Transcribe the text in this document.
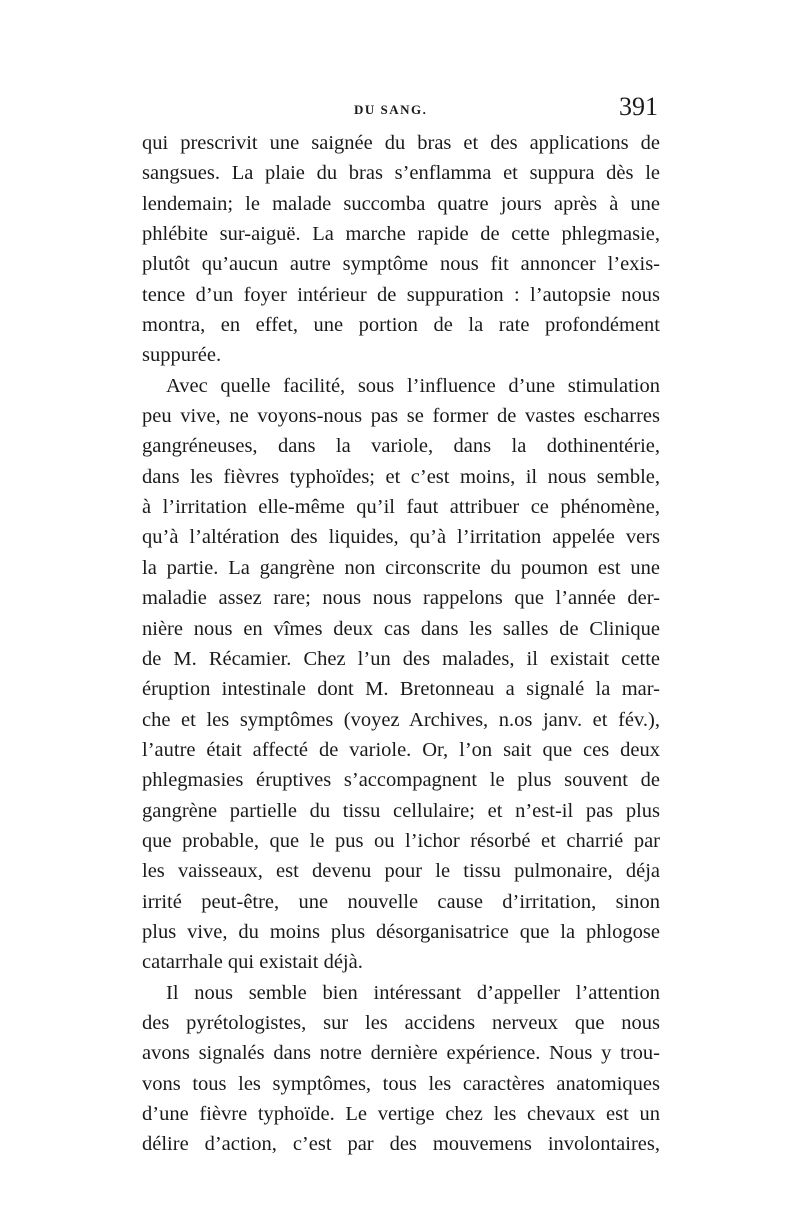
DU SANG.	391
qui prescrivit une saignée du bras et des applications de
sangsues. La plaie du bras s’enflamma et suppura dès le
lendemain; le malade succomba quatre jours après à une
phlébite sur-aiguë. La marche rapide de cette phlegmasie,
plutôt qu’aucun autre symptôme nous fit annoncer l’exis-
tence d’un foyer intérieur de suppuration : l’autopsie nous
montra, en effet, une portion de la rate profondément
suppurée.
Avec quelle facilité, sous l’influence d’une stimulation
peu vive, ne voyons-nous pas se former de vastes escharres
gangréneuses, dans la variole, dans la dothinentérie,
dans les fièvres typhoïdes; et c’est moins, il nous semble,
à l’irritation elle-même qu’il faut attribuer ce phénomène,
qu’à l’altération des liquides, qu’à l’irritation appelée vers
la partie. La gangrène non circonscrite du poumon est une
maladie assez rare; nous nous rappelons que l’année der-
nière nous en vîmes deux cas dans les salles de Clinique
de M. Récamier. Chez l’un des malades, il existait cette
éruption intestinale dont M. Bretonneau a signalé la mar-
che et les symptômes (voyez Archives, n.os janv. et fév.),
l’autre était affecté de variole. Or, l’on sait que ces deux
phlegmasies éruptives s’accompagnent le plus souvent de
gangrène partielle du tissu cellulaire; et n’est-il pas plus
que probable, que le pus ou l’ichor résorbé et charrié par
les vaisseaux, est devenu pour le tissu pulmonaire, déja
irrité peut-être, une nouvelle cause d’irritation, sinon
plus vive, du moins plus désorganisatrice que la phlogose
catarrhale qui existait déjà.
Il nous semble bien intéressant d’appeller l’attention
des pyrétologistes, sur les accidens nerveux que nous
avons signalés dans notre dernière expérience. Nous y trou-
vons tous les symptômes, tous les caractères anatomiques
d’une fièvre typhoïde. Le vertige chez les chevaux est un
délire d’action, c’est par des mouvemens involontaires,
